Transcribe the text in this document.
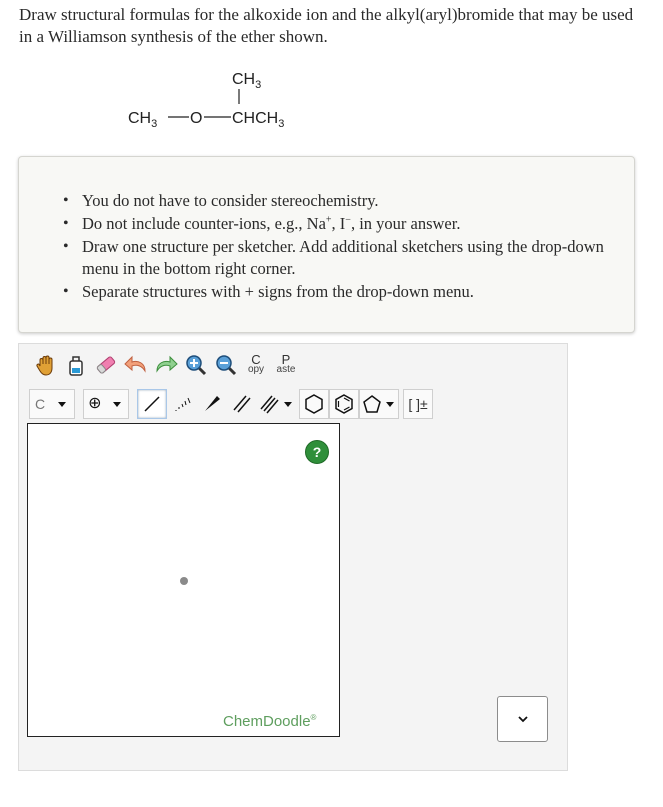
Draw structural formulas for the alkoxide ion and the alkyl(aryl)bromide that may be used in a Williamson synthesis of the ether shown.
$CH_3$
$CH_3$ O $CHCH_3$
• You do not have to consider stereochemistry.
• Do not include counter-ions, e.g., Na+, I−, in your answer.
• Draw one structure per sketcher. Add additional sketchers using the drop-down menu in the bottom right corner.
• Separate structures with + signs from the drop-down menu.
C
opy
P
aste
C	⊕	[ ]±
?
ChemDoodle®
